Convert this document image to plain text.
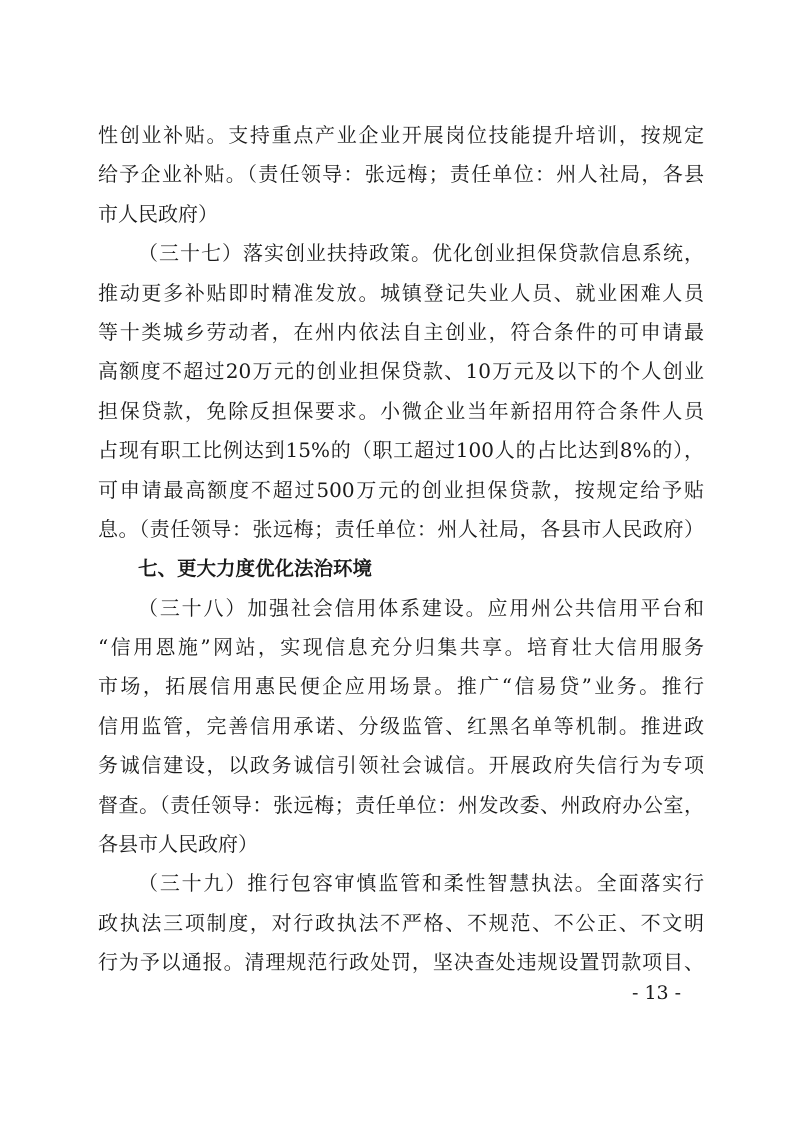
性创业补贴。支持重点产业企业开展岗位技能提升培训，按规定
给予企业补贴。（责任领导：张远梅；责任单位：州人社局，各县
市人民政府）
（三十七）落实创业扶持政策。优化创业担保贷款信息系统，
推动更多补贴即时精准发放。城镇登记失业人员、就业困难人员
等十类城乡劳动者，在州内依法自主创业，符合条件的可申请最
高额度不超过20万元的创业担保贷款、10万元及以下的个人创业
担保贷款，免除反担保要求。小微企业当年新招用符合条件人员
占现有职工比例达到15%的（职工超过100人的占比达到8%的），
可申请最高额度不超过500万元的创业担保贷款，按规定给予贴
息。（责任领导：张远梅；责任单位：州人社局，各县市人民政府）
七、更大力度优化法治环境
（三十八）加强社会信用体系建设。应用州公共信用平台和
“信用恩施”网站，实现信息充分归集共享。培育壮大信用服务
市场，拓展信用惠民便企应用场景。推广“信易贷”业务。推行
信用监管，完善信用承诺、分级监管、红黑名单等机制。推进政
务诚信建设，以政务诚信引领社会诚信。开展政府失信行为专项
督查。（责任领导：张远梅；责任单位：州发改委、州政府办公室，
各县市人民政府）
（三十九）推行包容审慎监管和柔性智慧执法。全面落实行
政执法三项制度，对行政执法不严格、不规范、不公正、不文明
行为予以通报。清理规范行政处罚，坚决查处违规设置罚款项目、
- 13 -
